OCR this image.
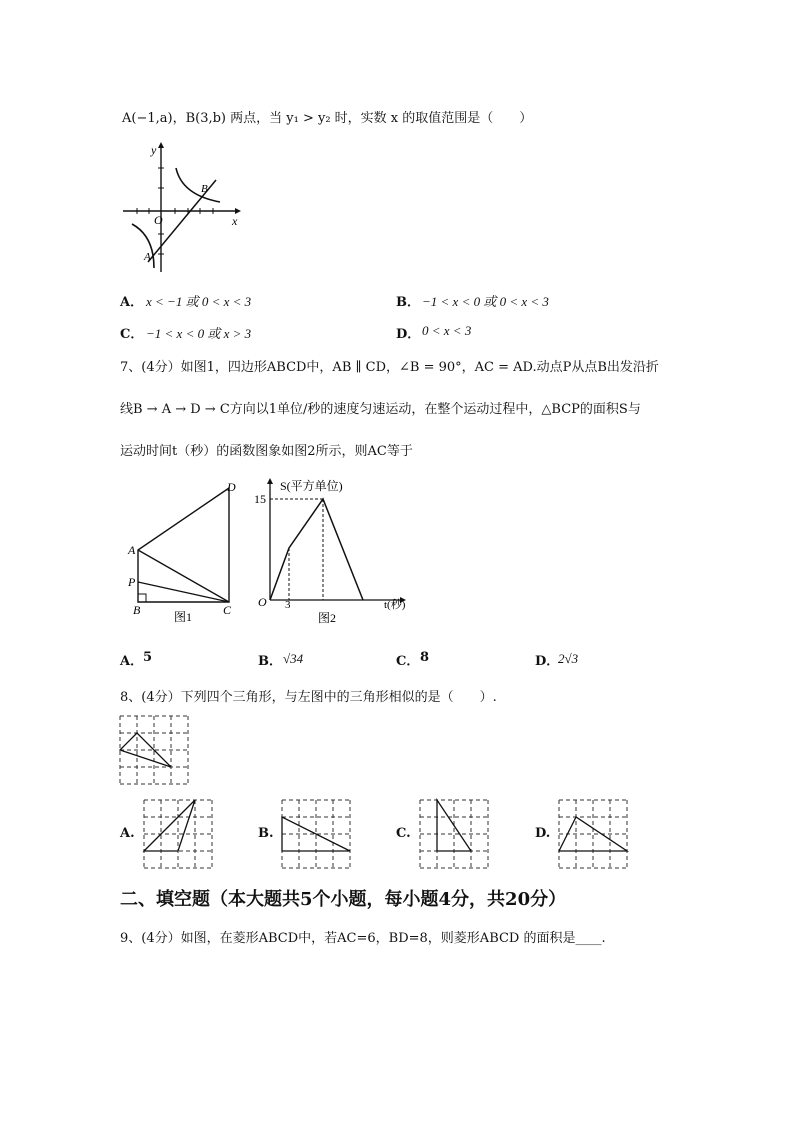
A(−1,a)，B(3,b) 两点，当 y₁ > y₂ 时，实数 x 的取值范围是（　　）
y
x
O
A
B
A． x < −1 或 0 < x < 3	B． −1 < x < 0 或 0 < x < 3
C． −1 < x < 0 或 x > 3	D． 0 < x < 3
7、(4分）如图1，四边形ABCD中，AB ∥ CD，∠B = 90°，AC = AD.动点P从点B出发沿折
线B → A → D → C方向以1单位/秒的速度匀速运动，在整个运动过程中，△BCP的面积S与
运动时间t（秒）的函数图象如图2所示，则AC等于
D
A
P
B	C
图1
S(平方单位)
15
O 3	t(秒)
图2
A． 5	B． √34	C． 8	D．
2√3
8、(4分）下列四个三角形，与左图中的三角形相似的是（　　）.
A.	B.	C.	D.
二、填空题（本大题共5个小题，每小题4分，共20分）
9、(4分）如图，在菱形ABCD中，若AC=6，BD=8，则菱形ABCD 的面积是____.
